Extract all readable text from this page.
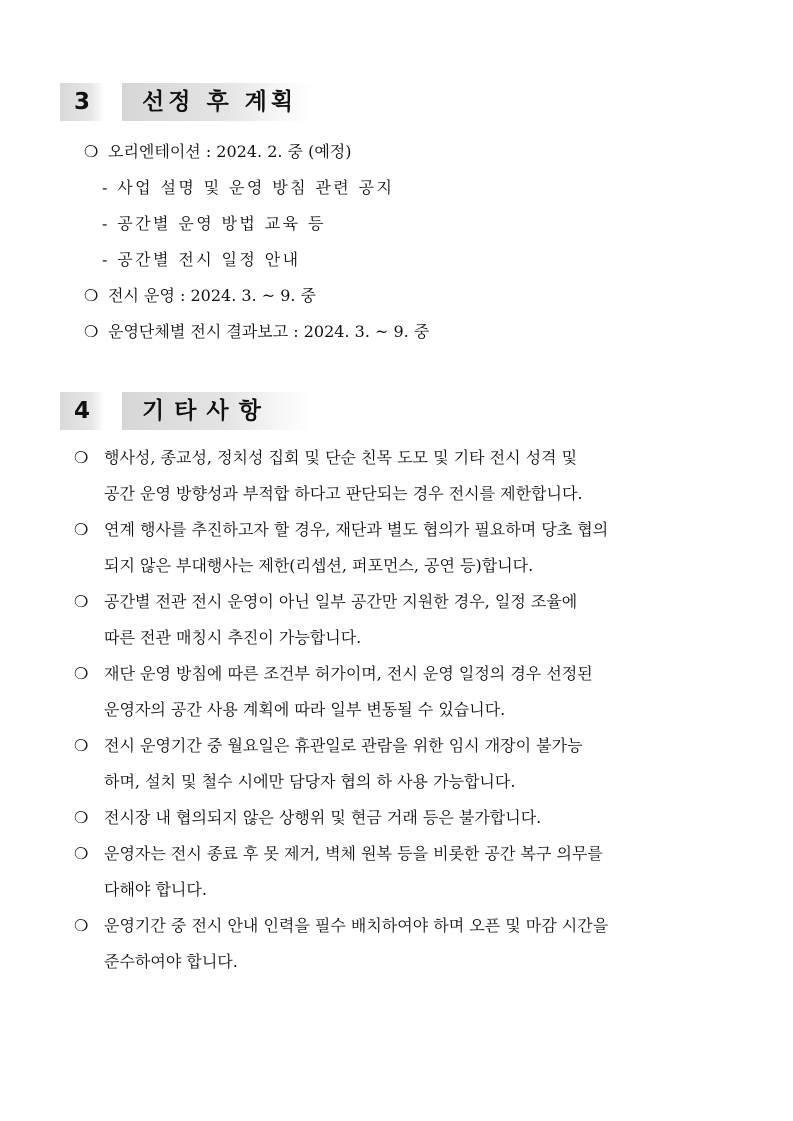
3	선정 후 계획
❍ 오리엔테이션 : 2024. 2. 중 (예정)
- 사업 설명 및 운영 방침 관련 공지
- 공간별 운영 방법 교육 등
- 공간별 전시 일정 안내
❍ 전시 운영 : 2024. 3. ~ 9. 중
❍ 운영단체별 전시 결과보고 : 2024. 3. ~ 9. 중
4	기타사항
❍ 행사성, 종교성, 정치성 집회 및 단순 친목 도모 및 기타 전시 성격 및
공간 운영 방향성과 부적합 하다고 판단되는 경우 전시를 제한합니다.
❍ 연계 행사를 추진하고자 할 경우, 재단과 별도 협의가 필요하며 당초 협의
되지 않은 부대행사는 제한(리셉션, 퍼포먼스, 공연 등)합니다.
❍ 공간별 전관 전시 운영이 아닌 일부 공간만 지원한 경우, 일정 조율에
따른 전관 매칭시 추진이 가능합니다.
❍ 재단 운영 방침에 따른 조건부 허가이며, 전시 운영 일정의 경우 선정된
운영자의 공간 사용 계획에 따라 일부 변동될 수 있습니다.
❍ 전시 운영기간 중 월요일은 휴관일로 관람을 위한 임시 개장이 불가능
하며, 설치 및 철수 시에만 담당자 협의 하 사용 가능합니다.
❍ 전시장 내 협의되지 않은 상행위 및 현금 거래 등은 불가합니다.
❍ 운영자는 전시 종료 후 못 제거, 벽체 원복 등을 비롯한 공간 복구 의무를
다해야 합니다.
❍ 운영기간 중 전시 안내 인력을 필수 배치하여야 하며 오픈 및 마감 시간을
준수하여야 합니다.
